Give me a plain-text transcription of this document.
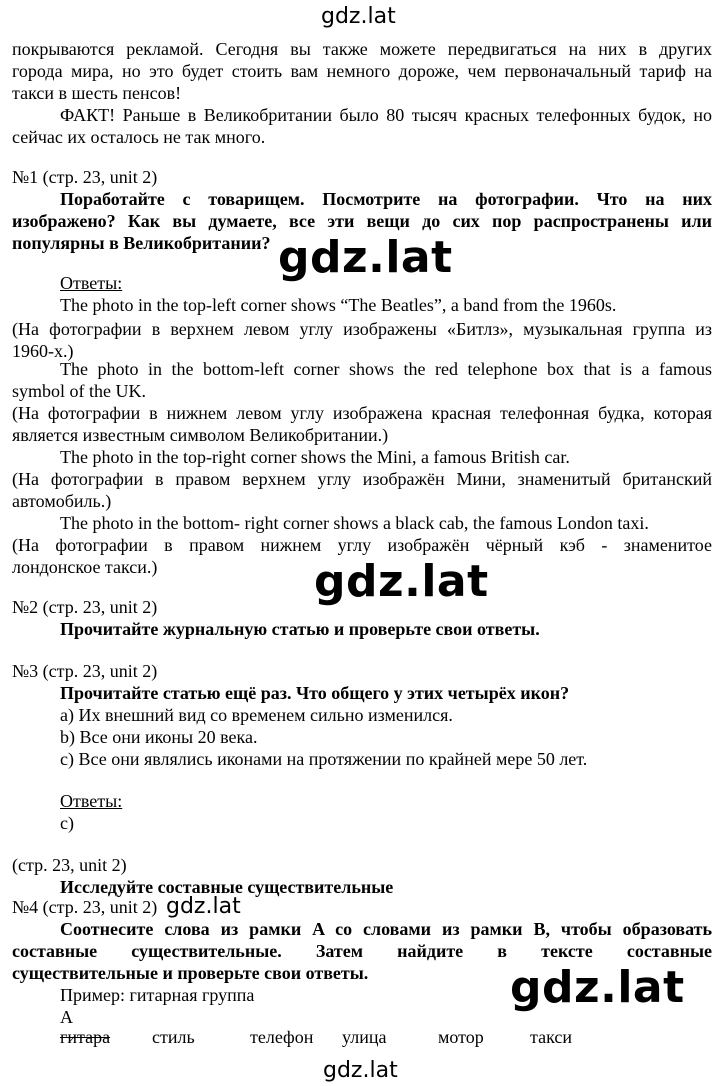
gdz.lat
покрываются рекламой. Сегодня вы также можете передвигаться на них в других
города мира, но это будет стоить вам немного дороже, чем первоначальный тариф на
такси в шесть пенсов!
ФАКТ! Раньше в Великобритании было 80 тысяч красных телефонных будок, но
сейчас их осталось не так много.
№1 (стр. 23, unit 2)
Поработайте с товарищем. Посмотрите на фотографии. Что на них
изображено? Как вы думаете, все эти вещи до сих пор распространены или
популярны в Великобритании? gdz.lat
Ответы:
The photo in the top-left corner shows “The Beatles”, a band from the 1960s.
(На фотографии в верхнем левом углу изображены «Битлз», музыкальная группа из
1960-х.)
The photo in the bottom-left corner shows the red telephone box that is a famous
symbol of the UK.
(На фотографии в нижнем левом углу изображена красная телефонная будка, которая
является известным символом Великобритании.)
The photo in the top-right corner shows the Mini, a famous British car.
(На фотографии в правом верхнем углу изображён Мини, знаменитый британский
автомобиль.)
The photo in the bottom- right corner shows a black cab, the famous London taxi.
(На фотографии в правом нижнем углу изображён чёрный кэб - знаменитое
лондонское такси.)	gdz.lat
№2 (стр. 23, unit 2)
Прочитайте журнальную статью и проверьте свои ответы.
№3 (стр. 23, unit 2)
Прочитайте статью ещё раз. Что общего у этих четырёх икон?
a) Их внешний вид со временем сильно изменился.
b) Все они иконы 20 века.
c) Все они являлись иконами на протяжении по крайней мере 50 лет.
Ответы:
c)
(стр. 23, unit 2)
Исследуйте составные существительные
№4 (стр. 23, unit 2) gdz.lat
Соотнесите слова из рамки A со словами из рамки B, чтобы образовать
составные существительные. Затем найдите в тексте составные
существительные и проверьте свои ответы.
Пример: гитарная группа
A
gdz.lat
гитара стиль	телефон улица	мотор	такси
gdz.lat
